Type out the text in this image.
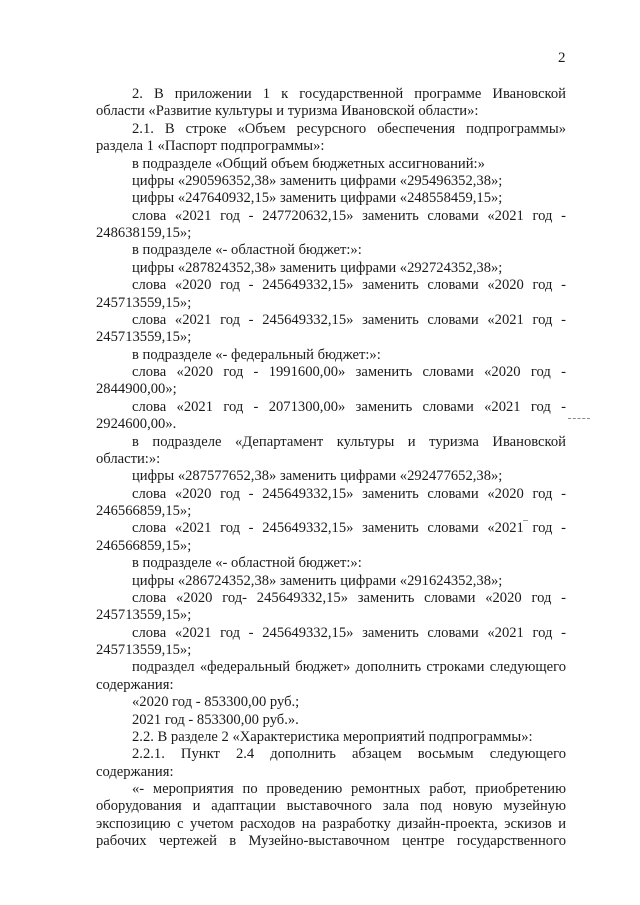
2
2. В приложении 1 к государственной программе Ивановской
области «Развитие культуры и туризма Ивановской области»:
2.1. В строке «Объем ресурсного обеспечения подпрограммы»
раздела 1 «Паспорт подпрограммы»:
в подразделе «Общий объем бюджетных ассигнований:»
цифры «290596352,38» заменить цифрами «295496352,38»;
цифры «247640932,15» заменить цифрами «248558459,15»;
слова «2021 год - 247720632,15» заменить словами «2021 год -
248638159,15»;
в подразделе «- областной бюджет:»:
цифры «287824352,38» заменить цифрами «292724352,38»;
слова «2020 год - 245649332,15» заменить словами «2020 год -
245713559,15»;
слова «2021 год - 245649332,15» заменить словами «2021 год -
245713559,15»;
в подразделе «- федеральный бюджет:»:
слова «2020 год - 1991600,00» заменить словами «2020 год -
2844900,00»;
слова «2021 год - 2071300,00» заменить словами «2021 год -
2924600,00».
в подразделе «Департамент культуры и туризма Ивановской
области:»:
цифры «287577652,38» заменить цифрами «292477652,38»;
слова «2020 год - 245649332,15» заменить словами «2020 год -
246566859,15»;
слова «2021 год - 245649332,15» заменить словами «2021 год -
246566859,15»;
в подразделе «- областной бюджет:»:
цифры «286724352,38» заменить цифрами «291624352,38»;
слова «2020 год- 245649332,15» заменить словами «2020 год -
245713559,15»;
слова «2021 год - 245649332,15» заменить словами «2021 год -
245713559,15»;
подраздел «федеральный бюджет» дополнить строками следующего
содержания:
«2020 год - 853300,00 руб.;
2021 год - 853300,00 руб.».
2.2. В разделе 2 «Характеристика мероприятий подпрограммы»:
2.2.1. Пункт 2.4 дополнить абзацем восьмым следующего
содержания:
«- мероприятия по проведению ремонтных работ, приобретению
оборудования и адаптации выставочного зала под новую музейную
экспозицию с учетом расходов на разработку дизайн-проекта, эскизов и
рабочих чертежей в Музейно-выставочном центре государственного
